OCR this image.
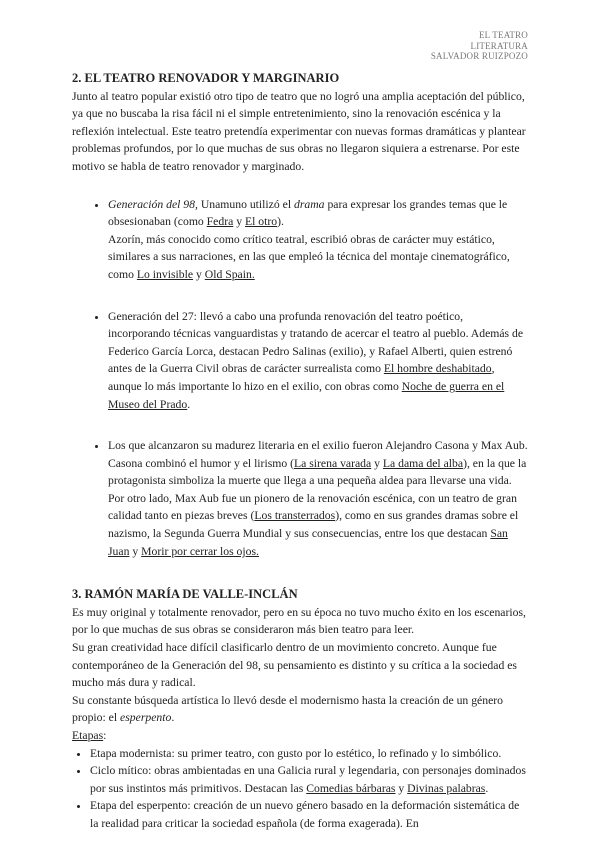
EL TEATRO
LITERATURA
SALVADOR RUIZPOZO
2. EL TEATRO RENOVADOR Y MARGINARIO

Junto al teatro popular existió otro tipo de teatro que no logró una amplia aceptación del público, ya que no buscaba la risa fácil ni el simple entretenimiento, sino la renovación escénica y la reflexión intelectual. Este teatro pretendía experimentar con nuevas formas dramáticas y plantear problemas profundos, por lo que muchas de sus obras no llegaron siquiera a estrenarse. Por este motivo se habla de teatro renovador y marginado.

• Generación del 98, Unamuno utilizó el drama para expresar los grandes temas que le obsesionaban (como Fedra y El otro).
Azorín, más conocido como crítico teatral, escribió obras de carácter muy estático, similares a sus narraciones, en las que empleó la técnica del montaje cinematográfico, como Lo invisible y Old Spain.
• Generación del 27: llevó a cabo una profunda renovación del teatro poético, incorporando técnicas vanguardistas y tratando de acercar el teatro al pueblo. Además de Federico García Lorca, destacan Pedro Salinas (exilio), y Rafael Alberti, quien estrenó antes de la Guerra Civil obras de carácter surrealista como El hombre deshabitado, aunque lo más importante lo hizo en el exilio, con obras como Noche de guerra en el Museo del Prado.
• Los que alcanzaron su madurez literaria en el exilio fueron Alejandro Casona y Max Aub. Casona combinó el humor y el lirismo (La sirena varada y La dama del alba), en la que la protagonista simboliza la muerte que llega a una pequeña aldea para llevarse una vida. Por otro lado, Max Aub fue un pionero de la renovación escénica, con un teatro de gran calidad tanto en piezas breves (Los transterrados), como en sus grandes dramas sobre el nazismo, la Segunda Guerra Mundial y sus consecuencias, entre los que destacan San Juan y Morir por cerrar los ojos.
3. RAMÓN MARÍA DE VALLE-INCLÁN

Es muy original y totalmente renovador, pero en su época no tuvo mucho éxito en los escenarios, por lo que muchas de sus obras se consideraron más bien teatro para leer.

Su gran creatividad hace difícil clasificarlo dentro de un movimiento concreto. Aunque fue contemporáneo de la Generación del 98, su pensamiento es distinto y su crítica a la sociedad es mucho más dura y radical.

Su constante búsqueda artística lo llevó desde el modernismo hasta la creación de un género propio: el esperpento.

Etapas:

• Etapa modernista: su primer teatro, con gusto por lo estético, lo refinado y lo simbólico.
• Ciclo mítico: obras ambientadas en una Galicia rural y legendaria, con personajes dominados por sus instintos más primitivos. Destacan las Comedias bárbaras y Divinas palabras.
• Etapa del esperpento: creación de un nuevo género basado en la deformación sistemática de la realidad para criticar la sociedad española (de forma exagerada). En
